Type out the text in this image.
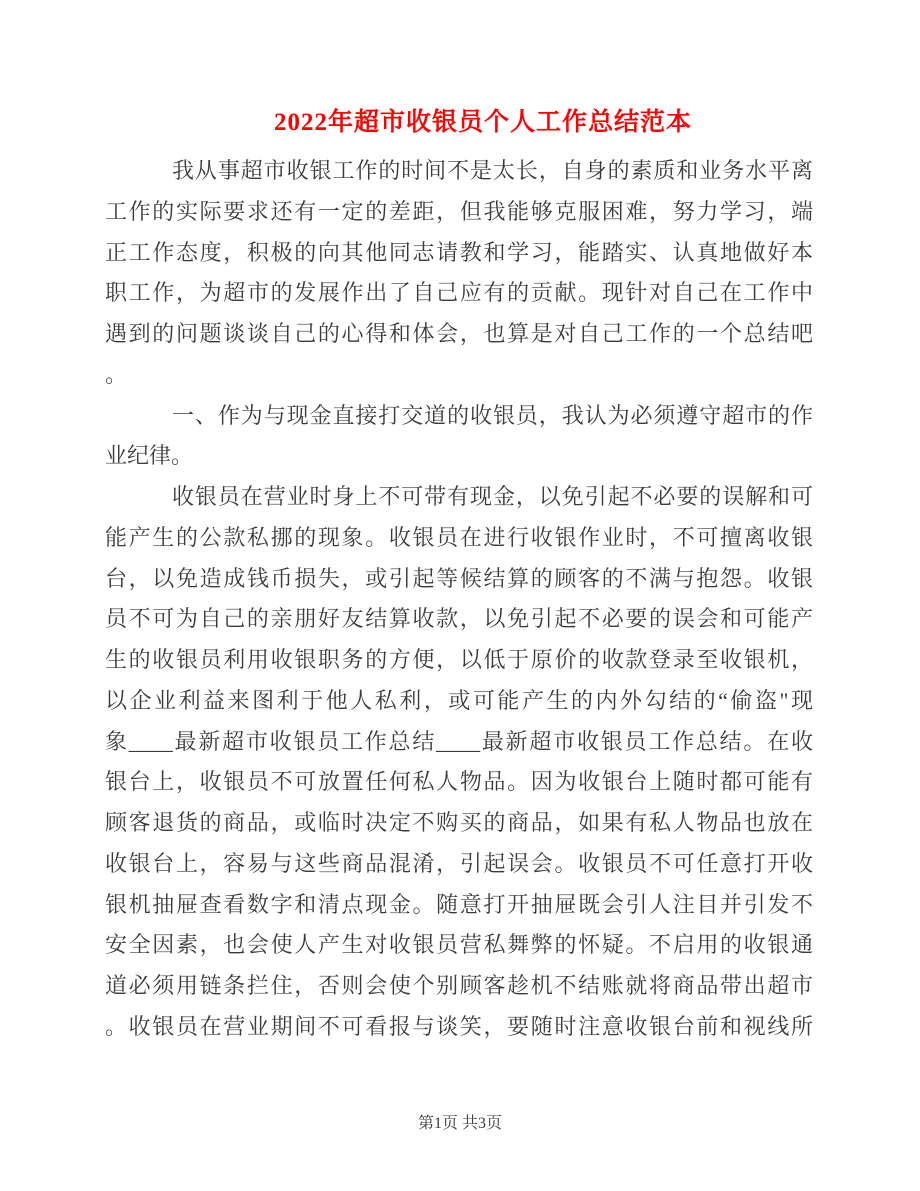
2022年超市收银员个人工作总结范本
我从事超市收银工作的时间不是太长，自身的素质和业务水平离
工作的实际要求还有一定的差距，但我能够克服困难，努力学习，端
正工作态度，积极的向其他同志请教和学习，能踏实、认真地做好本
职工作，为超市的发展作出了自己应有的贡献。现针对自己在工作中
遇到的问题谈谈自己的心得和体会，也算是对自己工作的一个总结吧
。
一、作为与现金直接打交道的收银员，我认为必须遵守超市的作
业纪律。
收银员在营业时身上不可带有现金，以免引起不必要的误解和可
能产生的公款私挪的现象。收银员在进行收银作业时，不可擅离收银
台，以免造成钱币损失，或引起等候结算的顾客的不满与抱怨。收银
员不可为自己的亲朋好友结算收款，以免引起不必要的误会和可能产
生的收银员利用收银职务的方便，以低于原价的收款登录至收银机，
以企业利益来图利于他人私利，或可能产生的内外勾结的“偷盗"现
象____最新超市收银员工作总结____最新超市收银员工作总结。在收
银台上，收银员不可放置任何私人物品。因为收银台上随时都可能有
顾客退货的商品，或临时决定不购买的商品，如果有私人物品也放在
收银台上，容易与这些商品混淆，引起误会。收银员不可任意打开收
银机抽屉查看数字和清点现金。随意打开抽屉既会引人注目并引发不
安全因素，也会使人产生对收银员营私舞弊的怀疑。不启用的收银通
道必须用链条拦住，否则会使个别顾客趁机不结账就将商品带出超市
。收银员在营业期间不可看报与谈笑，要随时注意收银台前和视线所
第1页 共3页
